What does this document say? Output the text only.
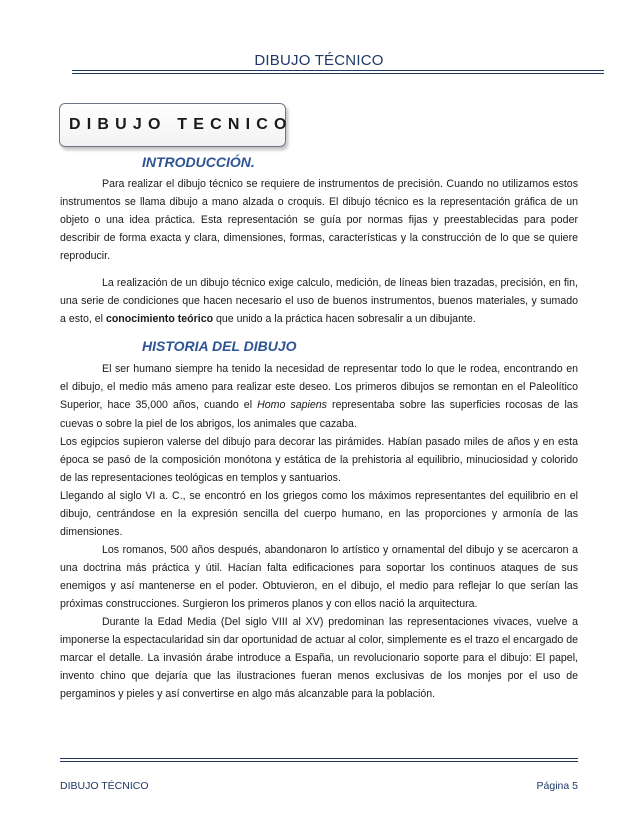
DIBUJO TÉCNICO
DIBUJO TECNICO
INTRODUCCIÓN.

Para realizar el dibujo técnico se requiere de instrumentos de precisión. Cuando no utilizamos estos instrumentos se llama dibujo a mano alzada o croquis. El dibujo técnico es la representación gráfica de un objeto o una idea práctica. Esta representación se guía por normas fijas y preestablecidas para poder describir de forma exacta y clara, dimensiones, formas, características y la construcción de lo que se quiere reproducir.

La realización de un dibujo técnico exige calculo, medición, de líneas bien trazadas, precisión, en fin, una serie de condiciones que hacen necesario el uso de buenos instrumentos, buenos materiales, y sumado a esto, el conocimiento teórico que unido a la práctica hacen sobresalir a un dibujante.

HISTORIA DEL DIBUJO

El ser humano siempre ha tenido la necesidad de representar todo lo que le rodea, encontrando en el dibujo, el medio más ameno para realizar este deseo. Los primeros dibujos se remontan en el Paleolítico Superior, hace 35,000 años, cuando el Homo sapiens representaba sobre las superficies rocosas de las cuevas o sobre la piel de los abrigos, los animales que cazaba.

Los egipcios supieron valerse del dibujo para decorar las pirámides. Habían pasado miles de años y en esta época se pasó de la composición monótona y estática de la prehistoria al equilibrio, minuciosidad y colorido de las representaciones teológicas en templos y santuarios.

Llegando al siglo VI a. C., se encontró en los griegos como los máximos representantes del equilibrio en el dibujo, centrándose en la expresión sencilla del cuerpo humano, en las proporciones y armonía de las dimensiones.

Los romanos, 500 años después, abandonaron lo artístico y ornamental del dibujo y se acercaron a una doctrina más práctica y útil. Hacían falta edificaciones para soportar los continuos ataques de sus enemigos y así mantenerse en el poder. Obtuvieron, en el dibujo, el medio para reflejar lo que serían las próximas construcciones. Surgieron los primeros planos y con ellos nació la arquitectura.

Durante la Edad Media (Del siglo VIII al XV) predominan las representaciones vivaces, vuelve a imponerse la espectacularidad sin dar oportunidad de actuar al color, simplemente es el trazo el encargado de marcar el detalle. La invasión árabe introduce a España, un revolucionario soporte para el dibujo: El papel, invento chino que dejaría que las ilustraciones fueran menos exclusivas de los monjes por el uso de pergaminos y pieles y así convertirse en algo más alcanzable para la población.

DIBUJO TÉCNICO	Página 5
